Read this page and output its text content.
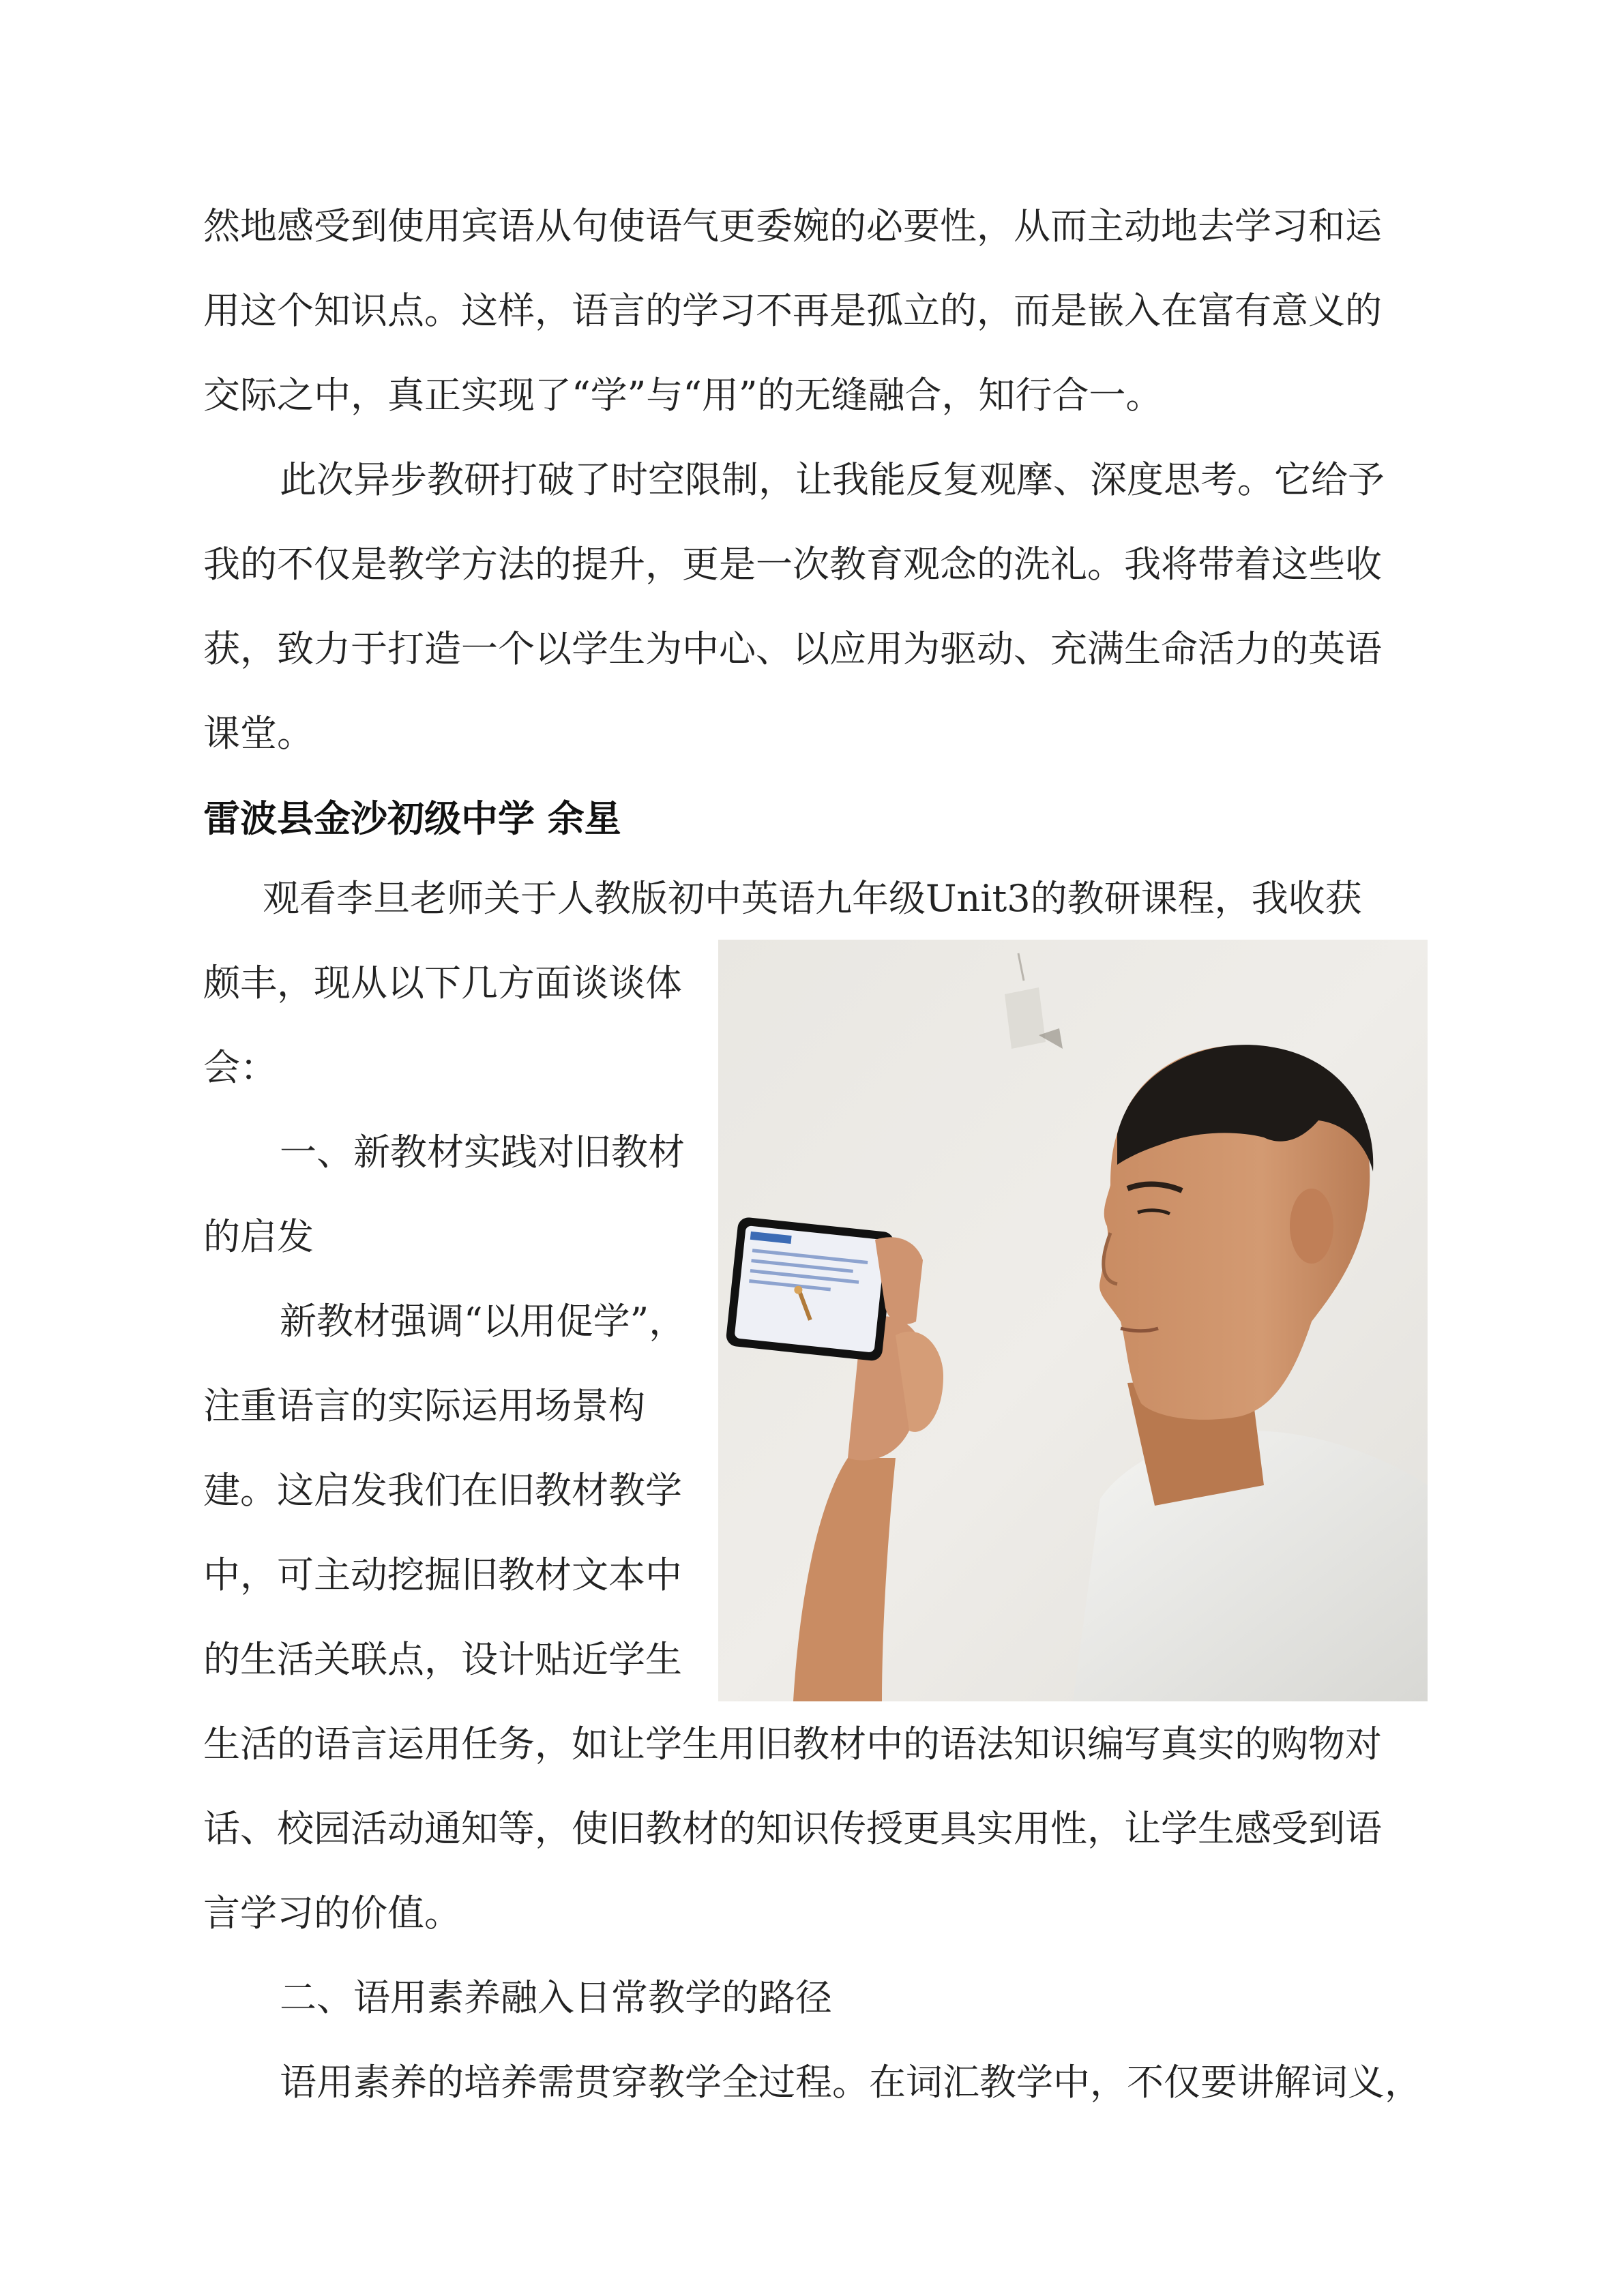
然地感受到使用宾语从句使语气更委婉的必要性，从而主动地去学习和运
用这个知识点。这样，语言的学习不再是孤立的，而是嵌入在富有意义的
交际之中，真正实现了“学”与“用”的无缝融合，知行合一。
此次异步教研打破了时空限制，让我能反复观摩、深度思考。它给予
我的不仅是教学方法的提升，更是一次教育观念的洗礼。我将带着这些收
获，致力于打造一个以学生为中心、以应用为驱动、充满生命活力的英语
课堂。
雷波县金沙初级中学 余星
观看李旦老师关于人教版初中英语九年级Unit3的教研课程，我收获
颇丰，现从以下几方面谈谈体
会：
一、新教材实践对旧教材
的启发
新教材强调“以用促学”，
注重语言的实际运用场景构
建。这启发我们在旧教材教学
中，可主动挖掘旧教材文本中
的生活关联点，设计贴近学生
生活的语言运用任务，如让学生用旧教材中的语法知识编写真实的购物对
话、校园活动通知等，使旧教材的知识传授更具实用性，让学生感受到语
言学习的价值。
二、语用素养融入日常教学的路径
语用素养的培养需贯穿教学全过程。在词汇教学中，不仅要讲解词义，
